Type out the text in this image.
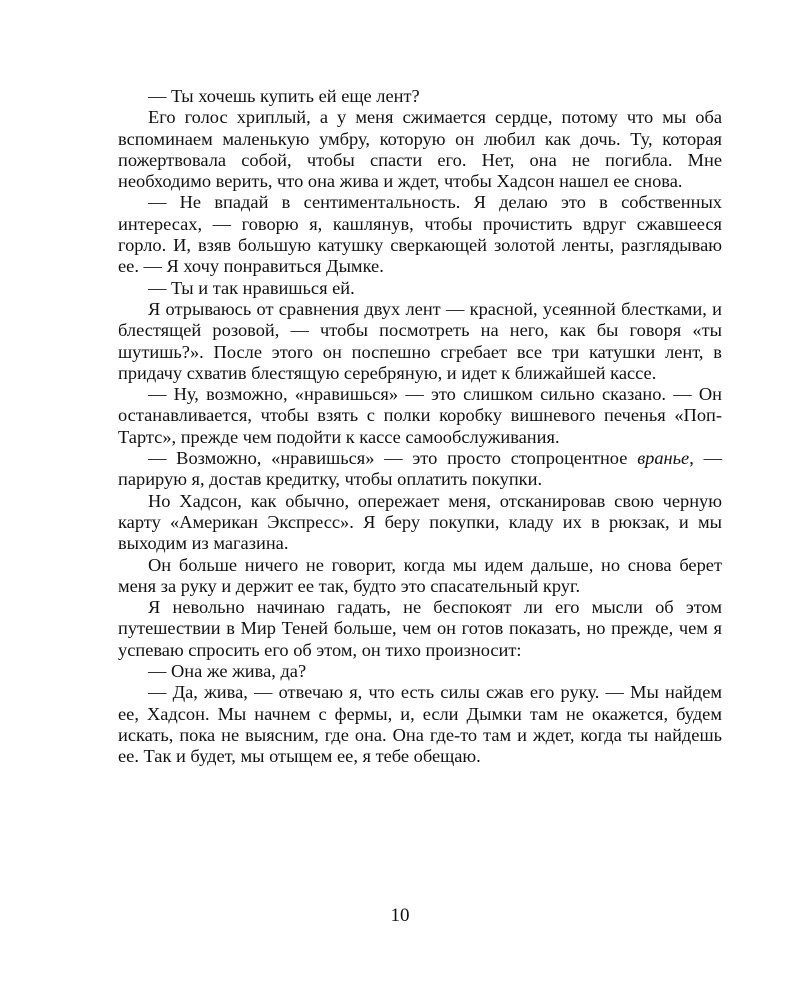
— Ты хочешь купить ей еще лент?

Его голос хриплый, а у меня сжимается сердце, потому что мы оба вспоминаем маленькую умбру, которую он любил как дочь. Ту, которая пожертвовала собой, чтобы спасти его. Нет, она не погибла. Мне необходимо верить, что она жива и ждет, чтобы Хадсон нашел ее снова.

— Не впадай в сентиментальность. Я делаю это в собственных интересах, — говорю я, кашлянув, чтобы прочистить вдруг сжавшееся горло. И, взяв большую катушку сверкающей золотой ленты, разглядываю ее. — Я хочу понравиться Дымке.

— Ты и так нравишься ей.

Я отрываюсь от сравнения двух лент — красной, усеянной блестками, и блестящей розовой, — чтобы посмотреть на него, как бы говоря «ты шутишь?». После этого он поспешно сгребает все три катушки лент, в придачу схватив блестящую серебряную, и идет к ближайшей кассе.

— Ну, возможно, «нравишься» — это слишком сильно сказано. — Он останавливается, чтобы взять с полки коробку вишневого печенья «Поп-Тартс», прежде чем подойти к кассе самообслуживания.

— Возможно, «нравишься» — это просто стопроцентное вранье, — парирую я, достав кредитку, чтобы оплатить покупки.

Но Хадсон, как обычно, опережает меня, отсканировав свою черную карту «Американ Экспресс». Я беру покупки, кладу их в рюкзак, и мы выходим из магазина.

Он больше ничего не говорит, когда мы идем дальше, но снова берет меня за руку и держит ее так, будто это спасательный круг.

Я невольно начинаю гадать, не беспокоят ли его мысли об этом путешествии в Мир Теней больше, чем он готов показать, но прежде, чем я успеваю спросить его об этом, он тихо произносит:

— Она же жива, да?

— Да, жива, — отвечаю я, что есть силы сжав его руку. — Мы найдем ее, Хадсон. Мы начнем с фермы, и, если Дымки там не окажется, будем искать, пока не выясним, где она. Она где-то там и ждет, когда ты найдешь ее. Так и будет, мы отыщем ее, я тебе обещаю.

10
